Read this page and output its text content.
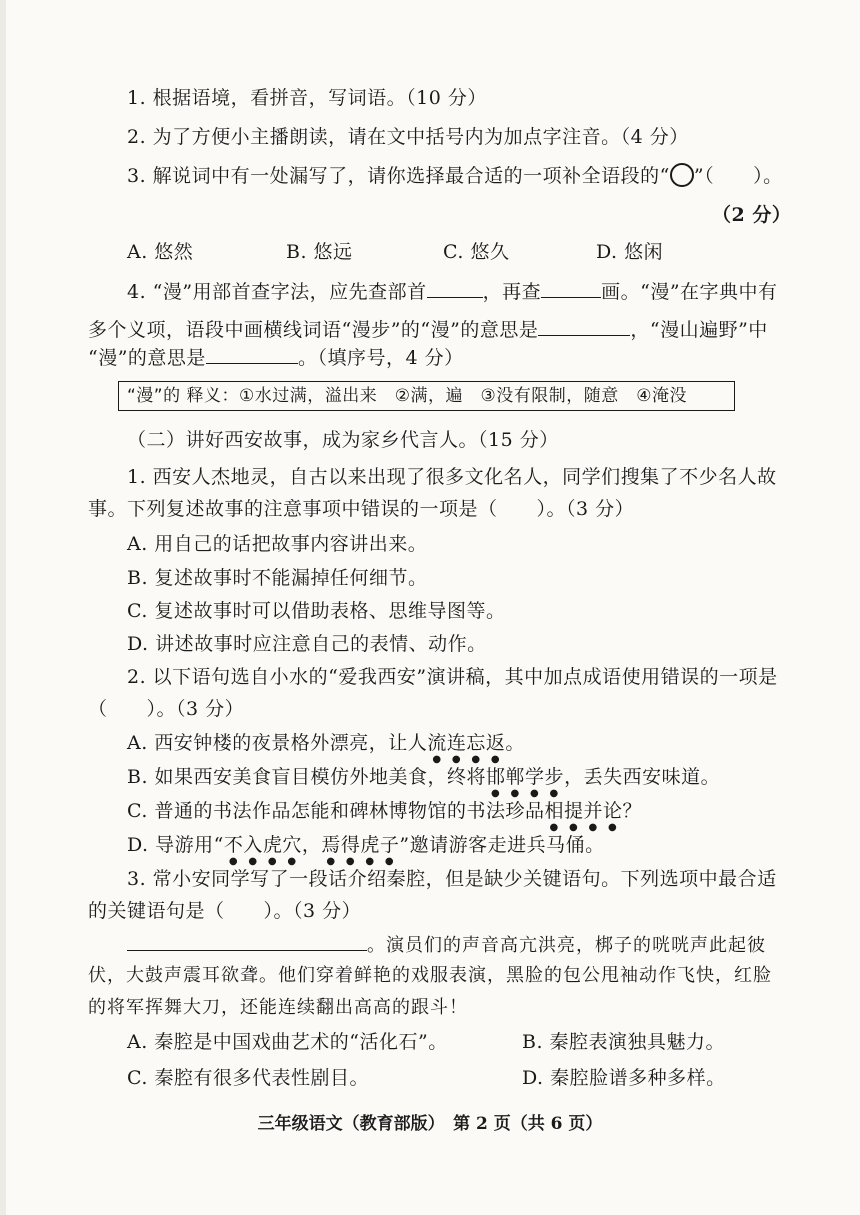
1. 根据语境，看拼音，写词语。（10 分）
2. 为了方便小主播朗读，请在文中括号内为加点字注音。（4 分）
3. 解说词中有一处漏写了，请你选择最合适的一项补全语段的“ ”（　　）。
（2 分）
A. 悠然	B. 悠远	C. 悠久	D. 悠闲
4. “漫”用部首查字法，应先查部首	，再查	画。“漫”在字典中有
多个义项，语段中画横线词语“漫步”的“漫”的意思是	，“漫山遍野”中
“漫”的意思是	。（填序号，4 分）
“漫”的 释义：①水过满，溢出来　②满，遍　③没有限制，随意　④淹没
（二）讲好西安故事，成为家乡代言人。（15 分）
1. 西安人杰地灵，自古以来出现了很多文化名人，同学们搜集了不少名人故
事。下列复述故事的注意事项中错误的一项是（　　）。（3 分）
A. 用自己的话把故事内容讲出来。
B. 复述故事时不能漏掉任何细节。
C. 复述故事时可以借助表格、思维导图等。
D. 讲述故事时应注意自己的表情、动作。
2. 以下语句选自小水的“爱我西安”演讲稿，其中加点成语使用错误的一项是
（　　）。（3 分）
A. 西安钟楼的夜景格外漂亮，让人流连忘返。
B. 如果西安美食盲目模仿外地美食，终将邯郸学步，丢失西安味道。
C. 普通的书法作品怎能和碑林博物馆的书法珍品相提并论？
D. 导游用“不入虎穴，焉得虎子”邀请游客走进兵马俑。
3. 常小安同学写了一段话介绍秦腔，但是缺少关键语句。下列选项中最合适
的关键语句是（　　）。（3 分）
。演员们的声音高亢洪亮，梆子的咣咣声此起彼
伏，大鼓声震耳欲聋。他们穿着鲜艳的戏服表演，黑脸的包公甩袖动作飞快，红脸
的将军挥舞大刀，还能连续翻出高高的跟斗！
A. 秦腔是中国戏曲艺术的“活化石”。	B. 秦腔表演独具魅力。
C. 秦腔有很多代表性剧目。	D. 秦腔脸谱多种多样。
三年级语文（教育部版）　第 2 页（共 6 页）
